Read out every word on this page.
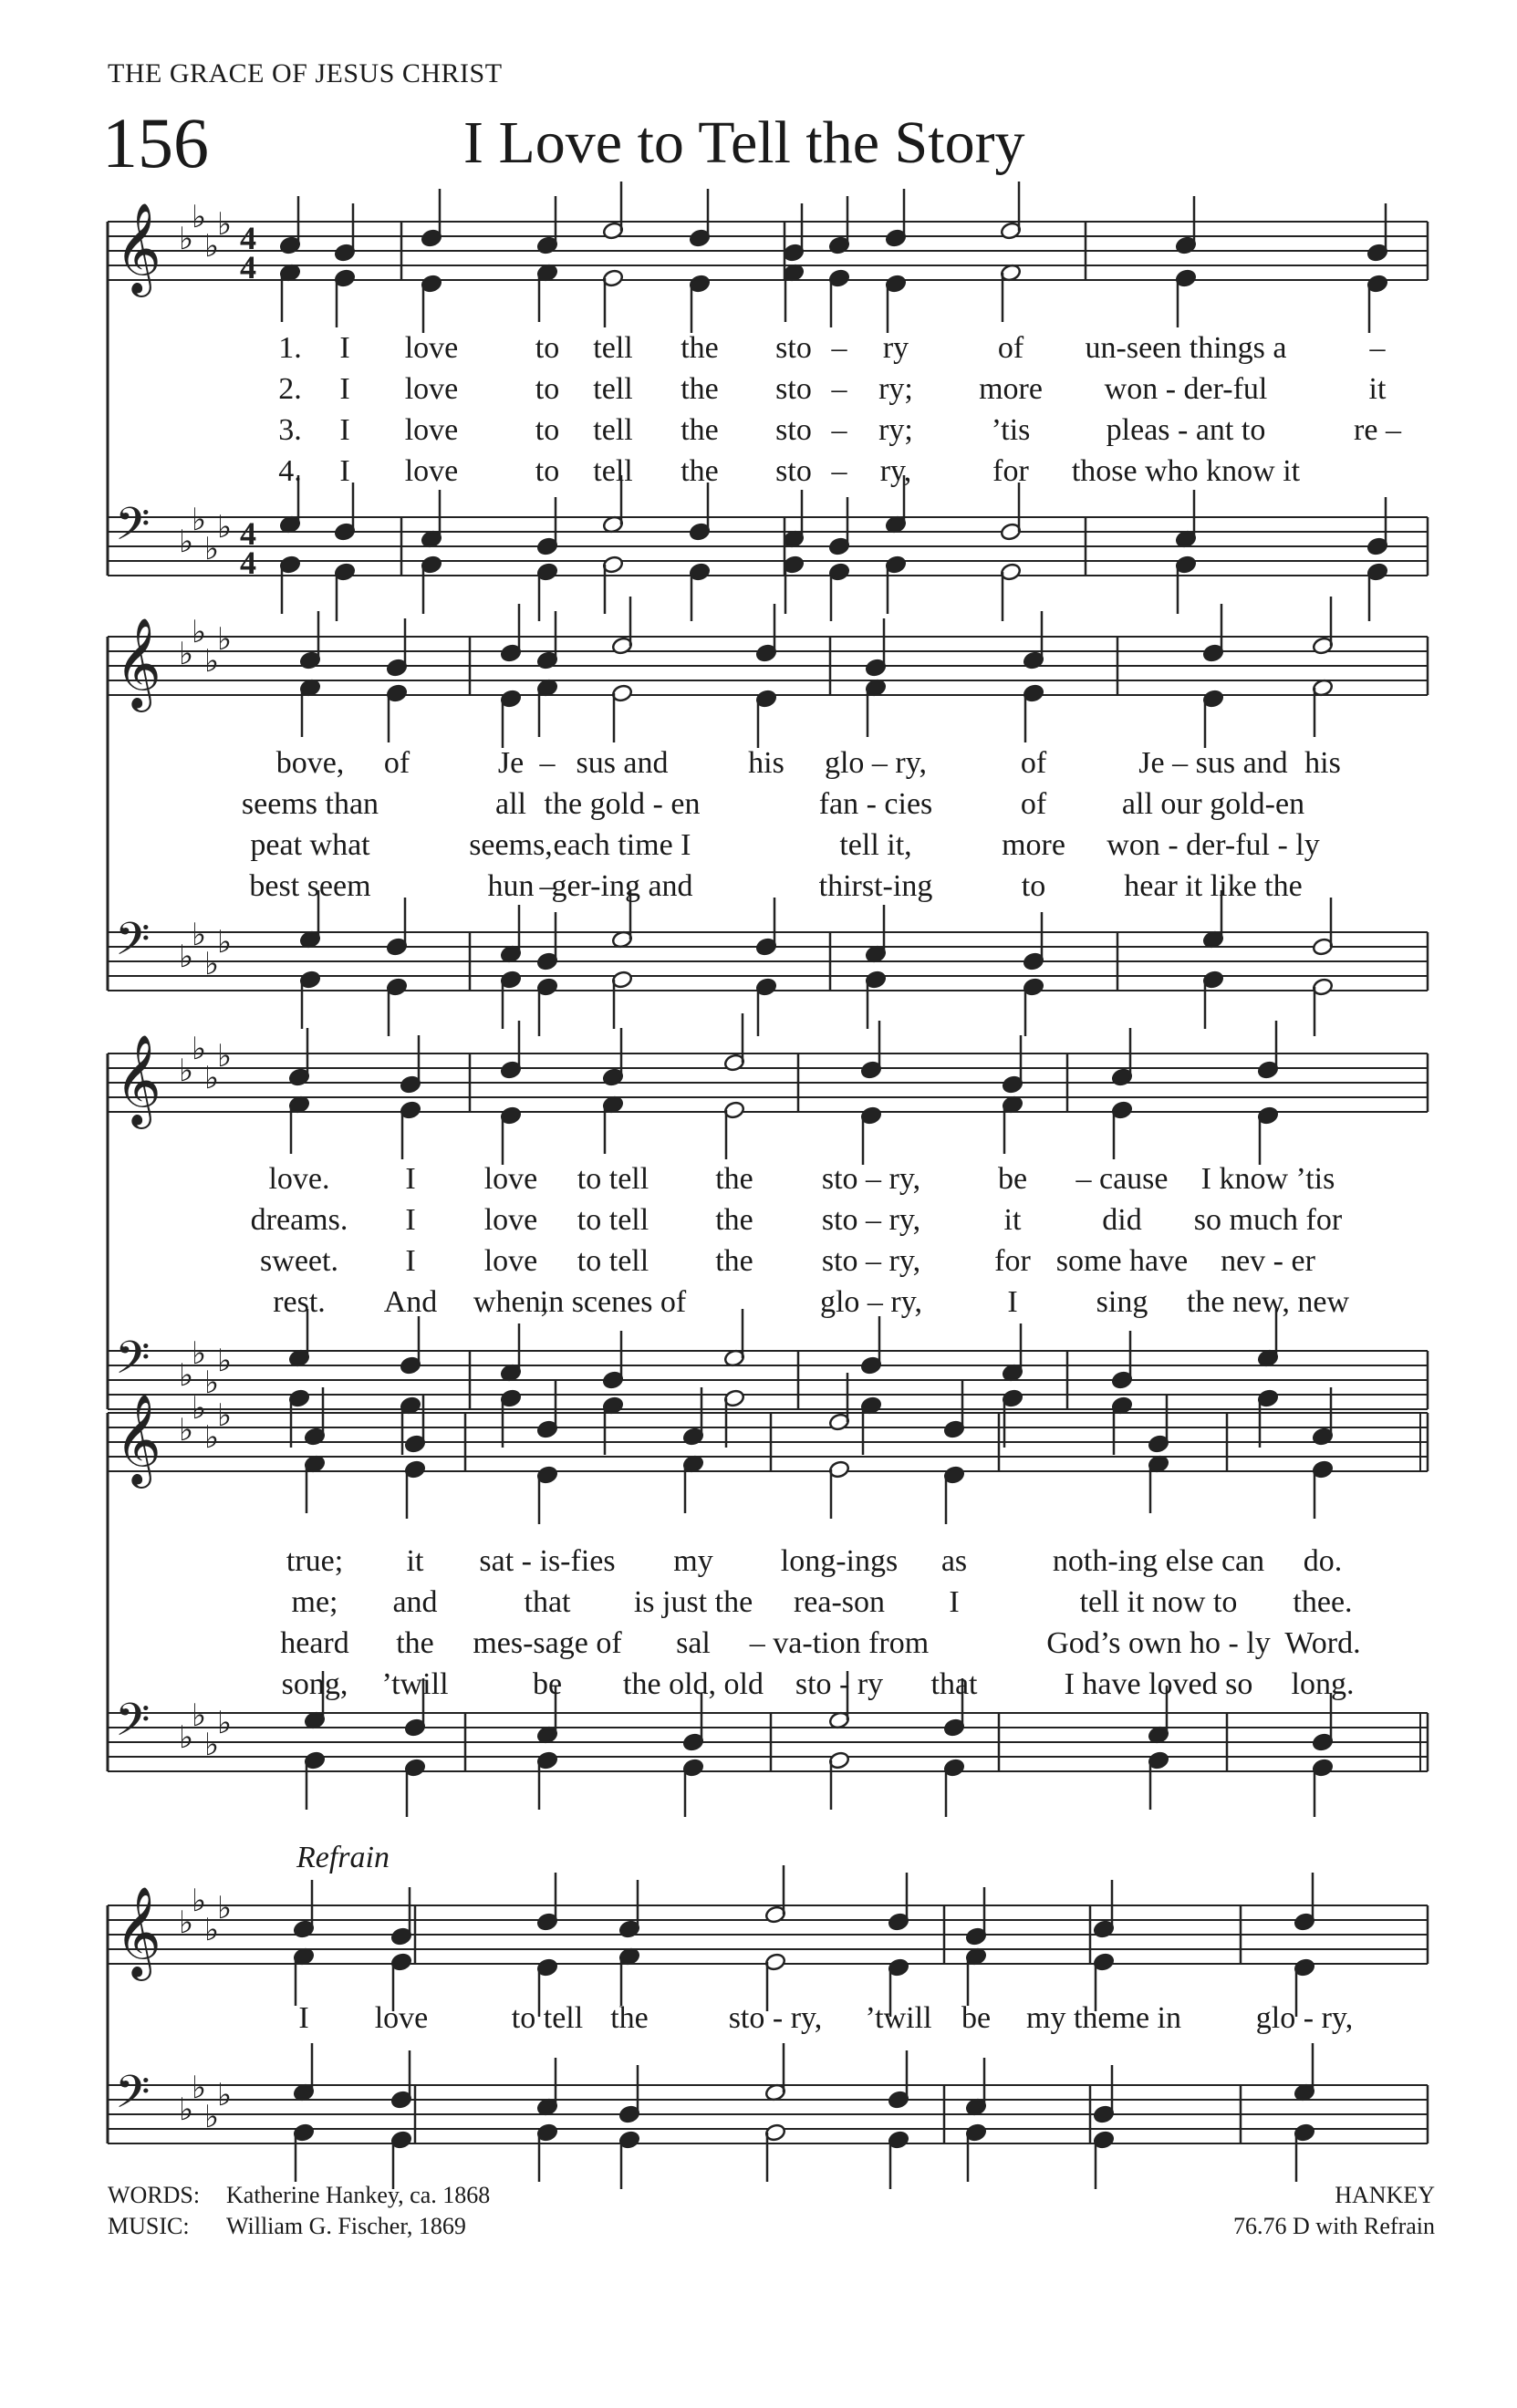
THE GRACE OF JESUS CHRIST
156	I Love to Tell the Story
𝄞
𝄢
♭
♭
♭
♭
♭
♭
♭
♭
4
4
4
4
𝄞
𝄢
♭
♭
♭
♭
♭
♭
♭
♭
𝄞
𝄢
♭
♭
♭
♭
♭
♭
♭
♭
𝄞
𝄢
♭
♭
♭
♭
♭
♭
♭
♭
𝄞
𝄢
♭
♭
♭
♭
♭
♭
♭
♭
1. I love to tell the sto – ry	of un-seen things a	–
2. I love to tell the sto – ry; more won - der-ful	it
3. I love to tell the sto – ry;	’tis pleas - ant to	re –
4. I love to tell the sto – ry,	for those who know it
bove, of	Je – sus and	his glo – ry,	of	Je – sus and his
seems than	all the gold - en	fan - cies	of all our gold-en
peat what	seems, each time I	tell it,	more won - der-ful - ly
best seem	hun –
ger-ing and	thirst-ing	to	hear it like the
love. I love to tell the sto – ry, be – cause I know ’tis
dreams. I love to tell the sto – ry,	it	did so much for
sweet. I love to tell the sto – ry, for some have nev - er
rest. And when,
in scenes of	glo – ry,	I	sing the new, new
true; it sat - is-fies my long-ings as	noth-ing else can do.
me; and	that is just the rea-son I	tell it now to thee.
heard the mes-sage of sal – va-tion from	God’s own ho - ly Word.
song, ’twill	be the old, old sto - ry that	I have loved so long.
I love	to tell the	sto - ry, ’twill be my theme in glo - ry,
Refrain
WORDS: Katherine Hankey, ca. 1868
MUSIC: William G. Fischer, 1869
HANKEY
76.76 D with Refrain
